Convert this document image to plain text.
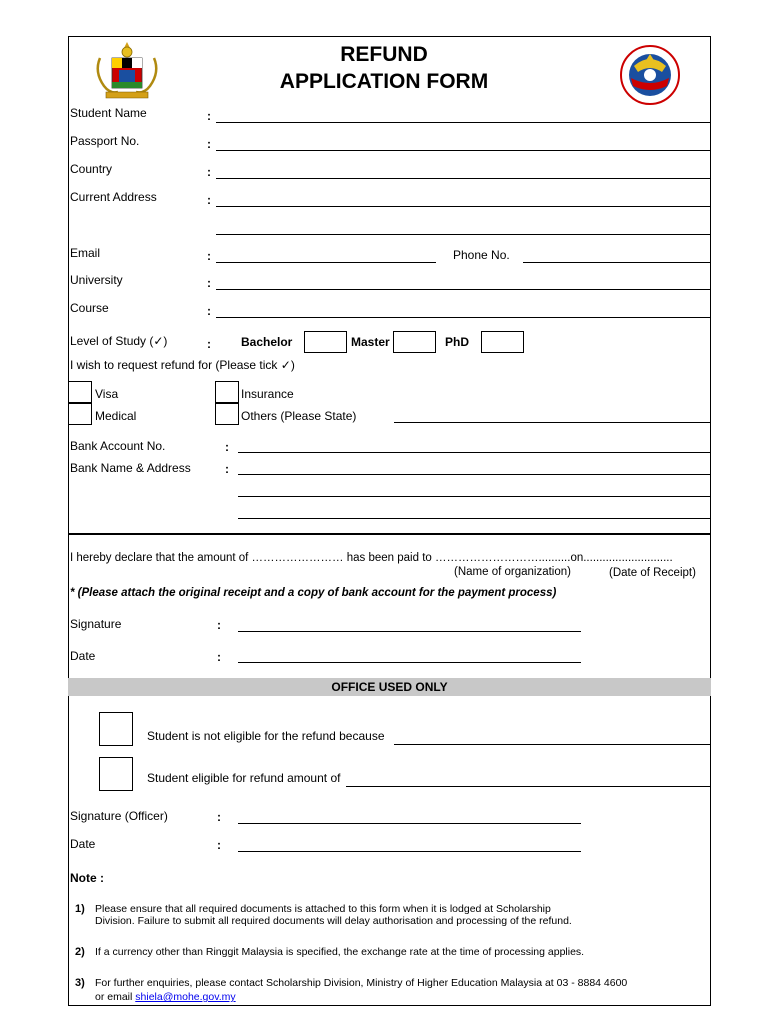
REFUND
APPLICATION FORM
Student Name	:
Passport No.	:
Country	:
Current Address	:
Email	:	Phone No.
University	:
Course	:
Level of Study (✓)	:	Bachelor	Master	PhD
I wish to request refund for (Please tick ✓)
Visa
Medical
Insurance
Others (Please State)
Bank Account No.	:
Bank Name & Address	:
I hereby declare that the amount of …………………… has been paid to ………………………..........on............................
(Name of organization)	(Date of Receipt)
* (Please attach the original receipt and a copy of bank account for the payment process)
Signature	:
Date	:
OFFICE USED ONLY
Student is not eligible for the refund because
Student eligible for refund amount of
Signature (Officer)	:
Date	:
Note :
1) Please ensure that all required documents is attached to this form when it is lodged at Scholarship
Division. Failure to submit all required documents will delay authorisation and processing of the refund.
2) If a currency other than Ringgit Malaysia is specified, the exchange rate at the time of processing applies.
3) For further enquiries, please contact Scholarship Division, Ministry of Higher Education Malaysia at 03 - 8884 4600
or email shiela@mohe.gov.my
